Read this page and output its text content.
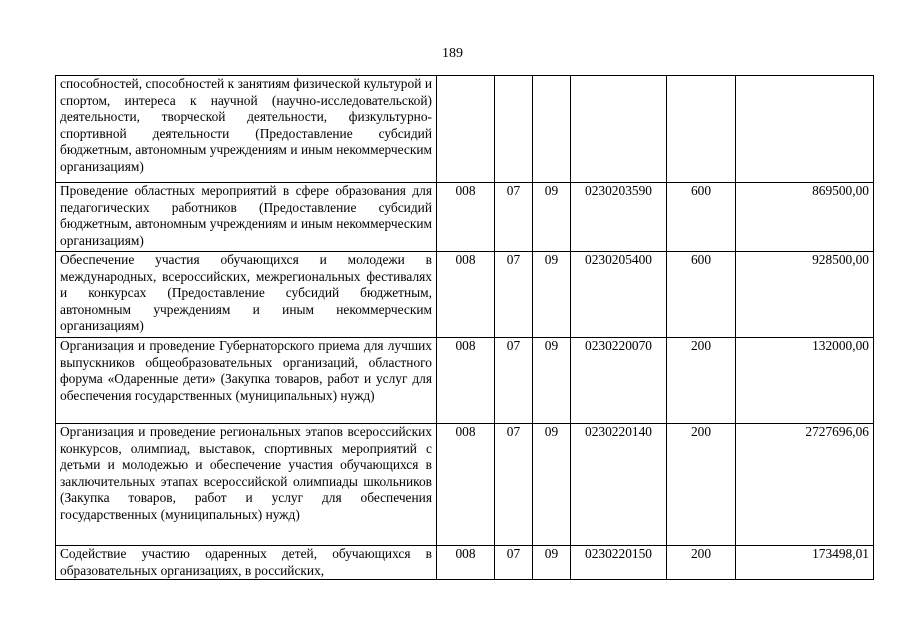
189
способностей, способностей к занятиям физической культурой и спортом, интереса к научной (научно-исследовательской) деятельности, творческой деятельности, физкультурно-спортивной деятельности (Предоставление субсидий бюджетным, автономным учреждениям и иным некоммерческим организациям)						
Проведение областных мероприятий в сфере образования для педагогических работников (Предоставление субсидий бюджетным, автономным учреждениям и иным некоммерческим организациям)	008	07	09	0230203590	600	869500,00
Обеспечение участия обучающихся и молодежи в международных, всероссийских, межрегиональных фестивалях и конкурсах (Предоставление субсидий бюджетным, автономным учреждениям и иным некоммерческим организациям)	008	07	09	0230205400	600	928500,00
Организация и проведение Губернаторского приема для лучших выпускников общеобразовательных организаций, областного форума «Одаренные дети» (Закупка товаров, работ и услуг для обеспечения государственных (муниципальных) нужд)	008	07	09	0230220070	200	132000,00
Организация и проведение региональных этапов всероссийских конкурсов, олимпиад, выставок, спортивных мероприятий с детьми и молодежью и обеспечение участия обучающихся в заключительных этапах всероссийской олимпиады школьников (Закупка товаров, работ и услуг для обеспечения государственных (муниципальных) нужд)	008	07	09	0230220140	200	2727696,06
Содействие участию одаренных детей, обучающихся в образовательных организациях, в российских,	008	07	09	0230220150	200	173498,01
